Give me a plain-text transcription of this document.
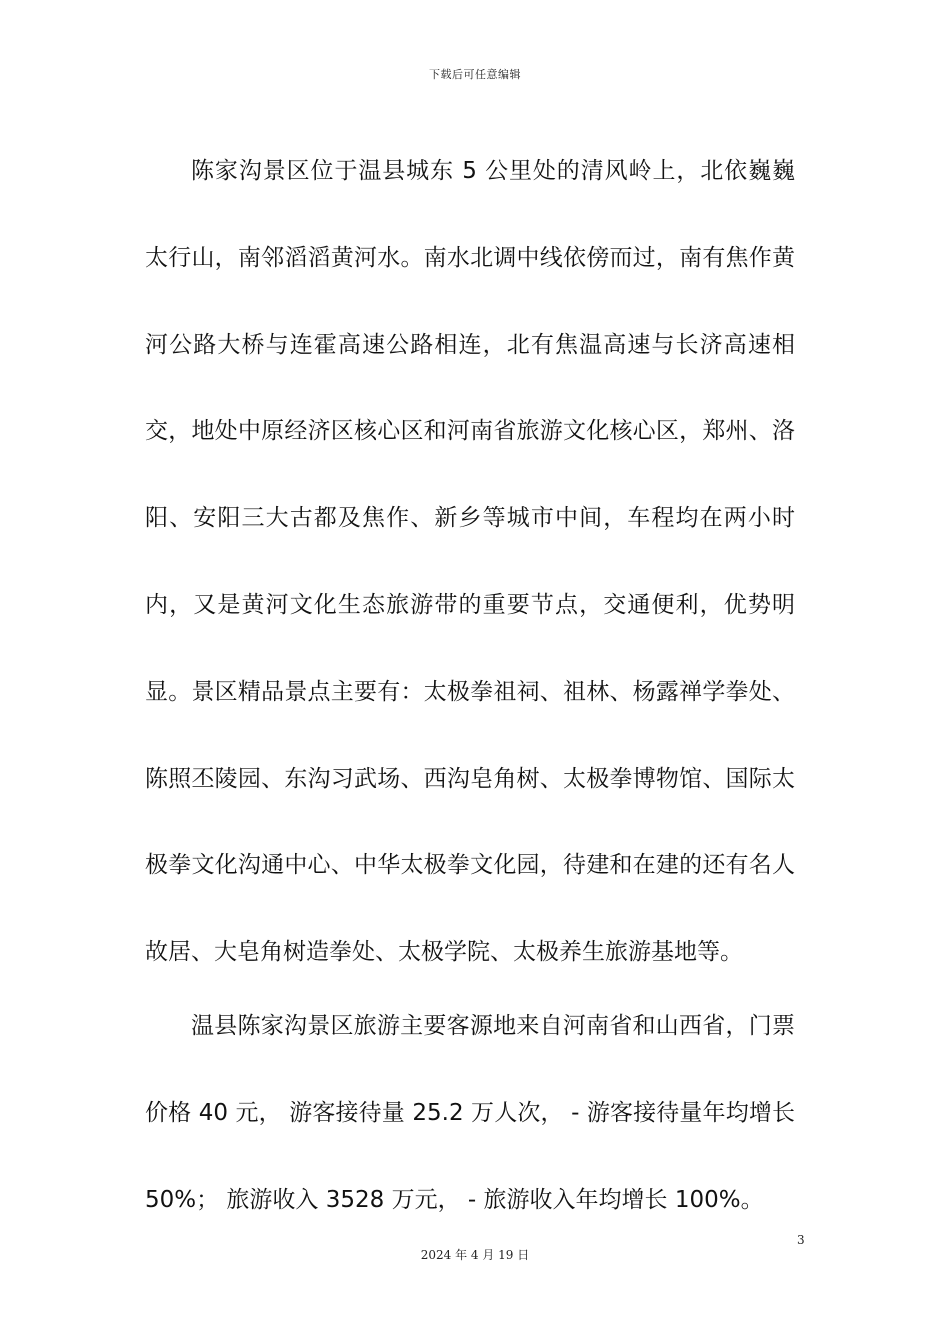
下载后可任意编辑

陈家沟景区位于温县城东 5 公里处的清风岭上，北依巍巍太行山，南邻滔滔黄河水。南水北调中线依傍而过，南有焦作黄河公路大桥与连霍高速公路相连，北有焦温高速与长济高速相交，地处中原经济区核心区和河南省旅游文化核心区，郑州、洛阳、安阳三大古都及焦作、新乡等城市中间，车程均在两小时内，又是黄河文化生态旅游带的重要节点，交通便利，优势明显。景区精品景点主要有：太极拳祖祠、祖林、杨露禅学拳处、陈照丕陵园、东沟习武场、西沟皂角树、太极拳博物馆、国际太极拳文化沟通中心、中华太极拳文化园，待建和在建的还有名人故居、大皂角树造拳处、太极学院、太极养生旅游基地等。

温县陈家沟景区旅游主要客源地来自河南省和山西省，门票价格 40 元， 游客接待量 25.2 万人次， - 游客接待量年均增长 50%； 旅游收入 3528 万元， - 旅游收入年均增长 100%。

3
2024 年 4 月 19 日
